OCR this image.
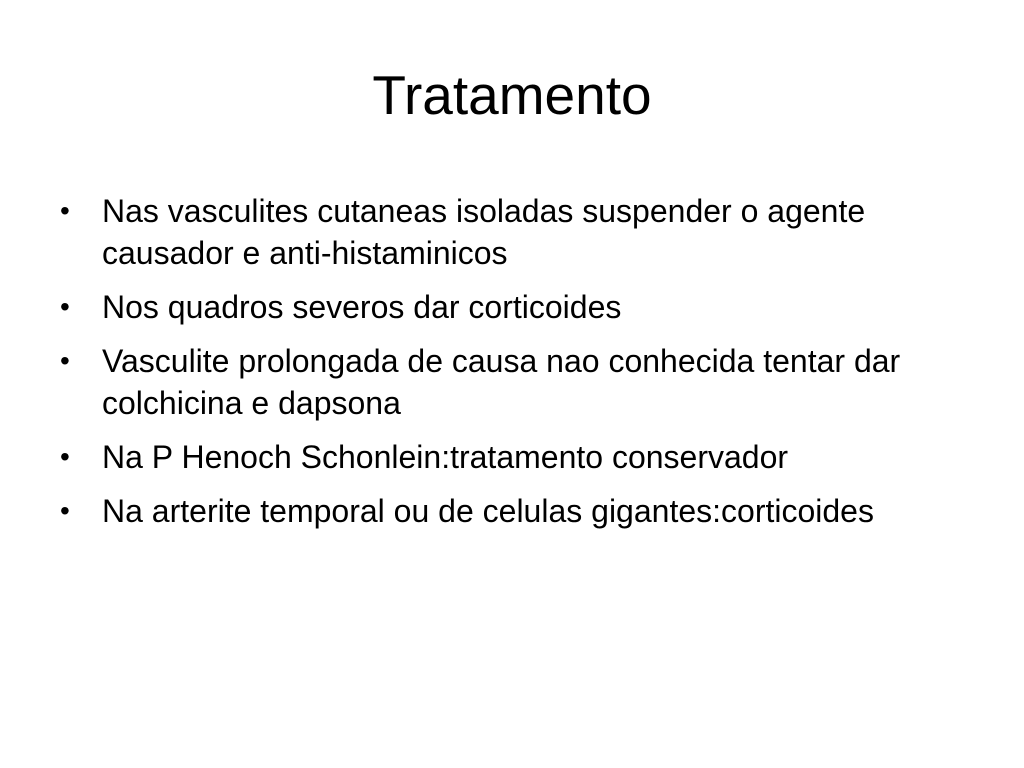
Tratamento
• Nas vasculites cutaneas isoladas suspender o agente causador e anti-histaminicos
• Nos quadros severos dar corticoides
• Vasculite prolongada de causa nao conhecida tentar dar colchicina e dapsona
• Na P Henoch Schonlein:tratamento conservador
• Na arterite temporal ou de celulas gigantes:corticoides
